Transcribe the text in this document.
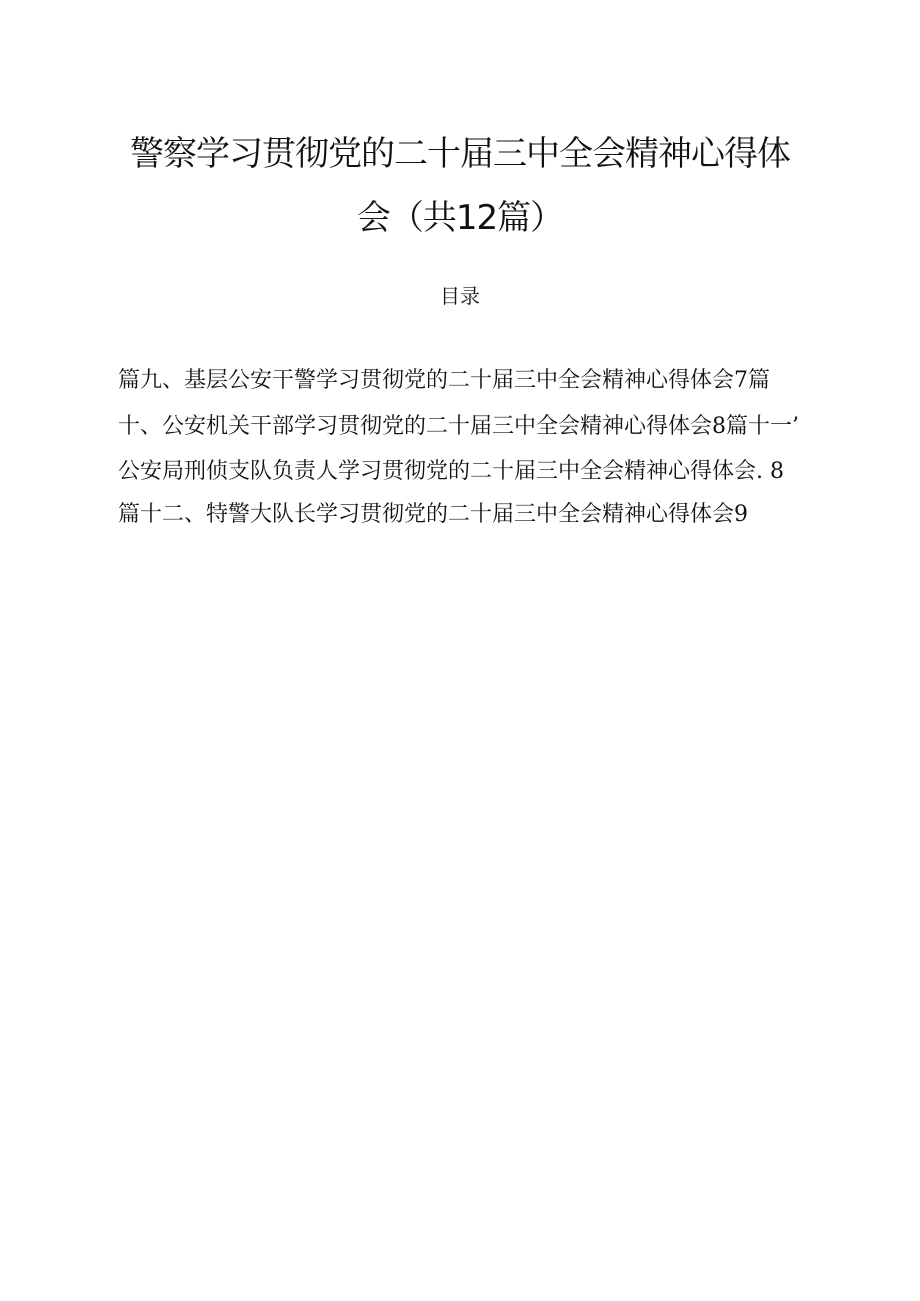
警察学习贯彻党的二十届三中全会精神心得体
会（共12篇）
目录
篇九、基层公安干警学习贯彻党的二十届三中全会精神心得体会7篇
十、公安机关干部学习贯彻党的二十届三中全会精神心得体会8篇十一’
公安局刑侦支队负责人学习贯彻党的二十届三中全会精神心得体会. 8
篇十二、特警大队长学习贯彻党的二十届三中全会精神心得体会9
